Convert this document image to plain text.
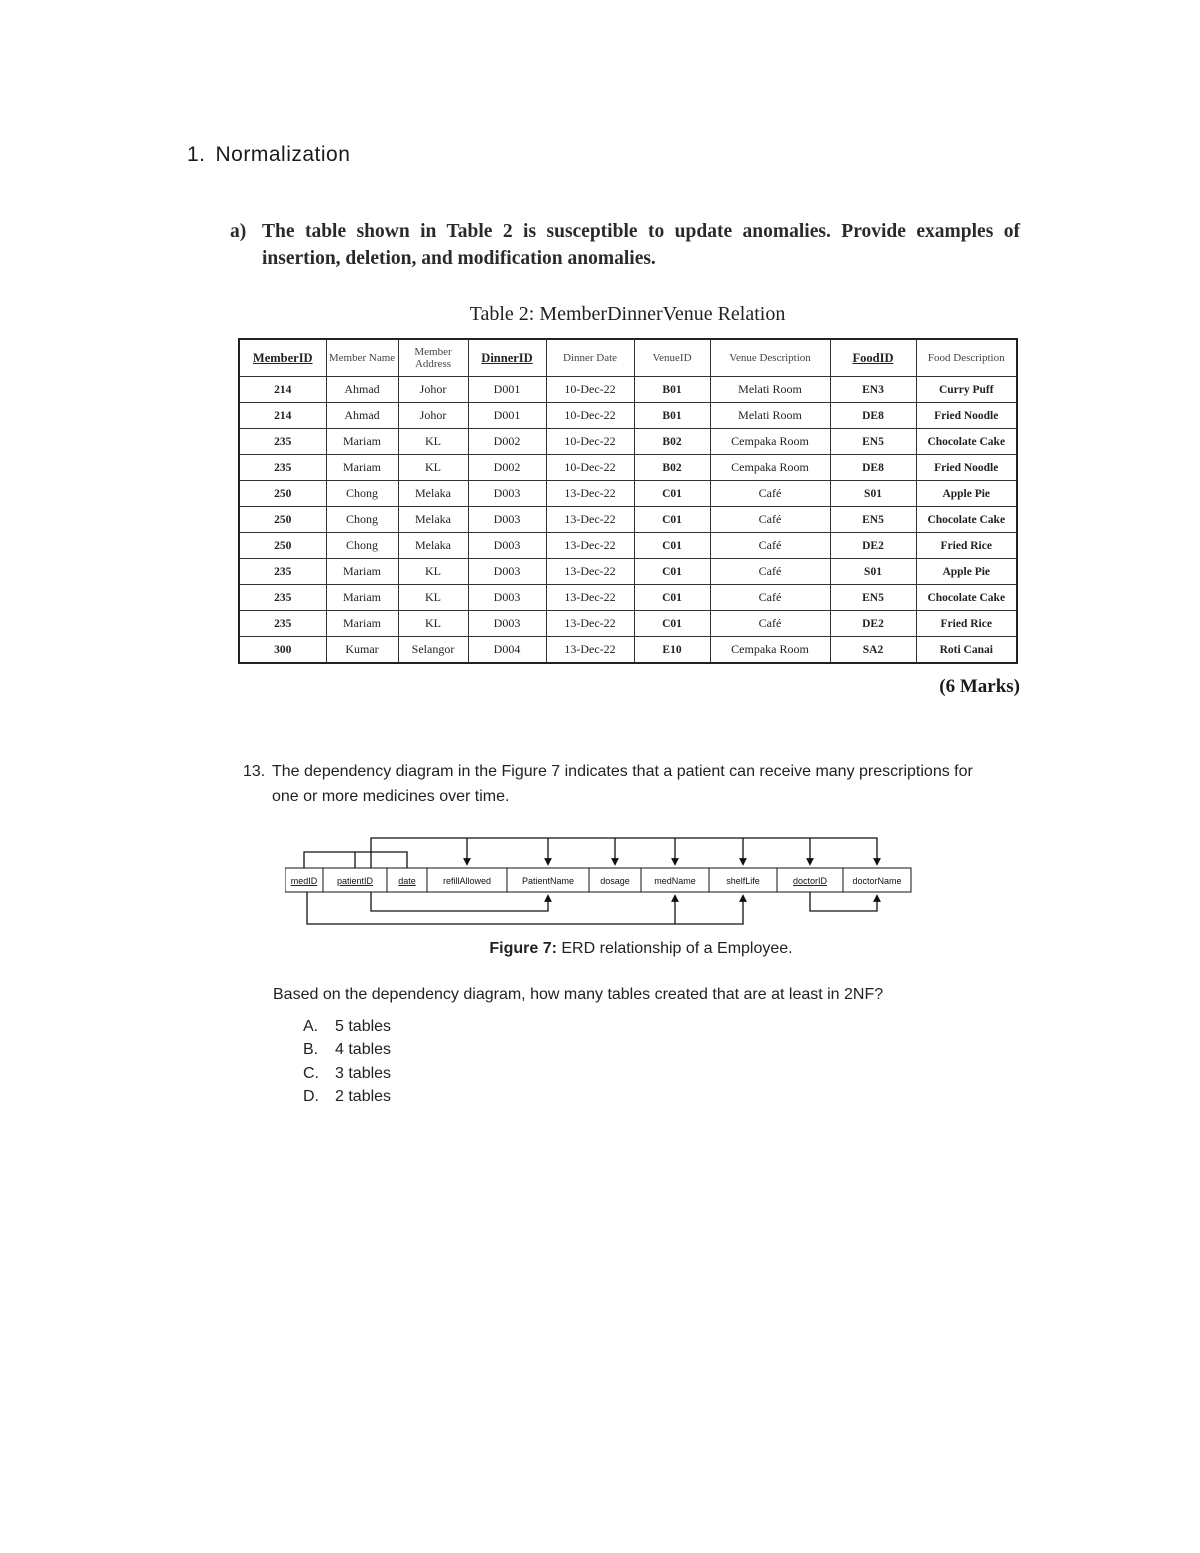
1. Normalization
a) The table shown in Table 2 is susceptible to update anomalies. Provide examples of insertion, deletion, and modification anomalies.
Table 2: MemberDinnerVenue Relation
MemberID	Member Name	Member Address	DinnerID	Dinner Date	VenueID	Venue Description	FoodID	Food Description
214	Ahmad	Johor	D001	10-Dec-22	B01	Melati Room	EN3	Curry Puff
214	Ahmad	Johor	D001	10-Dec-22	B01	Melati Room	DE8	Fried Noodle
235	Mariam	KL	D002	10-Dec-22	B02	Cempaka Room	EN5	Chocolate Cake
235	Mariam	KL	D002	10-Dec-22	B02	Cempaka Room	DE8	Fried Noodle
250	Chong	Melaka	D003	13-Dec-22	C01	Café	S01	Apple Pie
250	Chong	Melaka	D003	13-Dec-22	C01	Café	EN5	Chocolate Cake
250	Chong	Melaka	D003	13-Dec-22	C01	Café	DE2	Fried Rice
235	Mariam	KL	D003	13-Dec-22	C01	Café	S01	Apple Pie
235	Mariam	KL	D003	13-Dec-22	C01	Café	EN5	Chocolate Cake
235	Mariam	KL	D003	13-Dec-22	C01	Café	DE2	Fried Rice
300	Kumar	Selangor	D004	13-Dec-22	E10	Cempaka Room	SA2	Roti Canai
(6 Marks)
13. The dependency diagram in the Figure 7 indicates that a patient can receive many prescriptions for one or more medicines over time.
medID patientID	date	refillAllowed	PatientName	dosage	medName	shelfLife	doctorID	doctorName
Figure 7: ERD relationship of a Employee.
Based on the dependency diagram, how many tables created that are at least in 2NF?
A. 5 tables
B. 4 tables
C. 3 tables
D. 2 tables
